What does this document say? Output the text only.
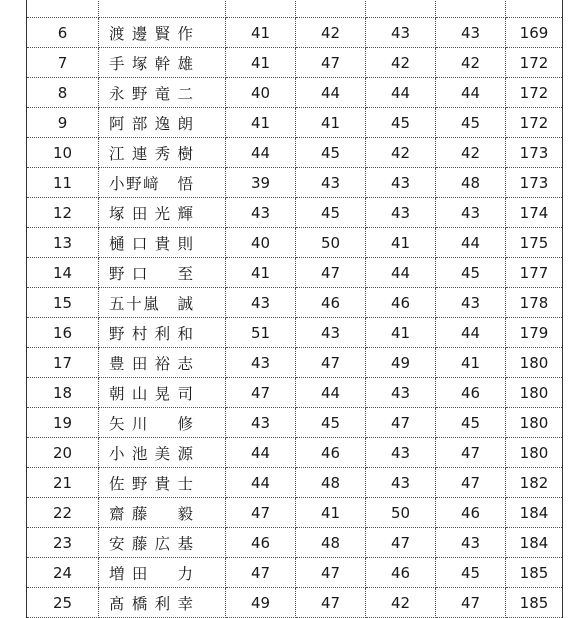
6	渡邊賢作	41	42	43	43	169
7	手塚幹雄	41	47	42	42	172
8	永野竜二	40	44	44	44	172
9	阿部逸朗	41	41	45	45	172
10	江連秀樹	44	45	42	42	173
11	小野﨑　悟	39	43	43	48	173
12	塚田光輝	43	45	43	43	174
13	樋口貴則	40	50	41	44	175
14	野口　至	41	47	44	45	177
15	五十嵐　誠	43	46	46	43	178
16	野村利和	51	43	41	44	179
17	豊田裕志	43	47	49	41	180
18	朝山晃司	47	44	43	46	180
19	矢川　修	43	45	47	45	180
20	小池美源	44	46	43	47	180
21	佐野貴士	44	48	43	47	182
22	齋藤　毅	47	41	50	46	184
23	安藤広基	46	48	47	43	184
24	増田　力	47	47	46	45	185
25	髙橋利幸	49	47	42	47	185
